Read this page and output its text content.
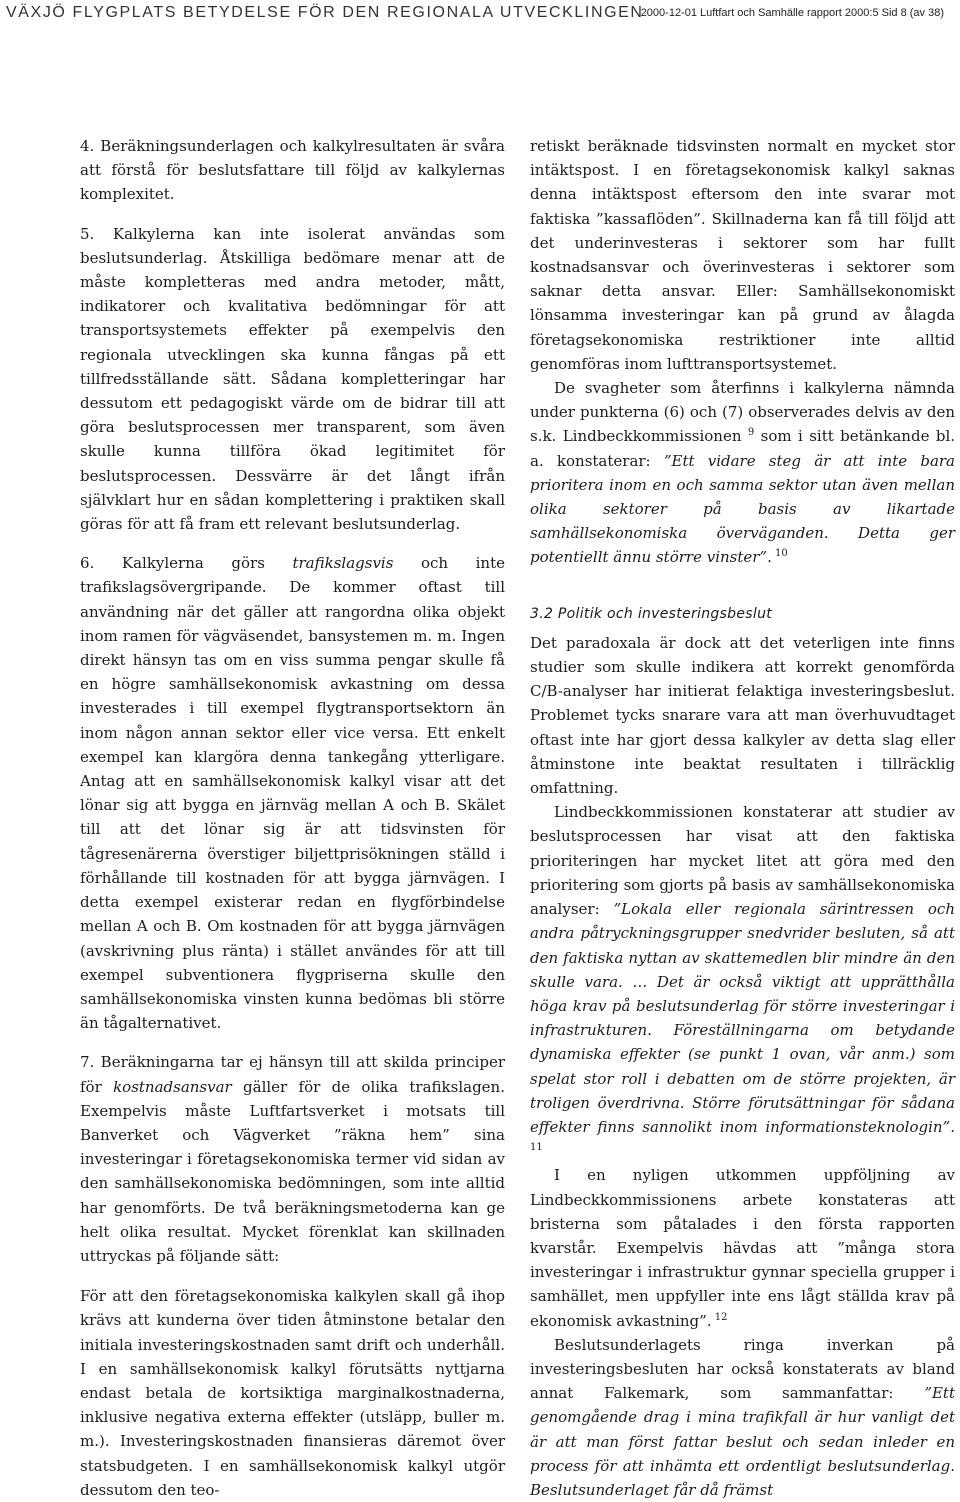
VÄXJÖ FLYGPLATS BETYDELSE FÖR DEN REGIONALA UTVECKLINGEN
2000-12-01 Luftfart och Samhälle rapport 2000:5 Sid 8 (av 38)

4. Beräkningsunderlagen och kalkylresultaten är svåra att förstå för beslutsfattare till följd av kalkylernas komplexitet.

5. Kalkylerna kan inte isolerat användas som beslutsunderlag. Åtskilliga bedömare menar att de måste kompletteras med andra metoder, mått, indikatorer och kvalitativa bedömningar för att transportsystemets effekter på exempelvis den regionala utvecklingen ska kunna fångas på ett tillfredsställande sätt. Sådana kompletteringar har dessutom ett pedagogiskt värde om de bidrar till att göra beslutsprocessen mer transparent, som även skulle kunna tillföra ökad legitimitet för beslutsprocessen. Dessvärre är det långt ifrån självklart hur en sådan komplettering i praktiken skall göras för att få fram ett relevant beslutsunderlag.

6. Kalkylerna görs trafikslagsvis och inte trafikslagsövergripande. De kommer oftast till användning när det gäller att rangordna olika objekt inom ramen för vägväsendet, bansystemen m. m. Ingen direkt hänsyn tas om en viss summa pengar skulle få en högre samhällsekonomisk avkastning om dessa investerades i till exempel flygtransportsektorn än inom någon annan sektor eller vice versa. Ett enkelt exempel kan klargöra denna tankegång ytterligare. Antag att en samhällsekonomisk kalkyl visar att det lönar sig att bygga en järnväg mellan A och B. Skälet till att det lönar sig är att tidsvinsten för tågresenärerna överstiger biljettprisökningen ställd i förhållande till kostnaden för att bygga järnvägen. I detta exempel existerar redan en flygförbindelse mellan A och B. Om kostnaden för att bygga järnvägen (avskrivning plus ränta) i stället användes för att till exempel subventionera flygpriserna skulle den samhällsekonomiska vinsten kunna bedömas bli större än tågalternativet.

7. Beräkningarna tar ej hänsyn till att skilda principer för kostnadsansvar gäller för de olika trafikslagen. Exempelvis måste Luftfartsverket i motsats till Banverket och Vägverket ”räkna hem” sina investeringar i företagsekonomiska termer vid sidan av den samhällsekonomiska bedömningen, som inte alltid har genomförts. De två beräkningsmetoderna kan ge helt olika resultat. Mycket förenklat kan skillnaden uttryckas på följande sätt:

För att den företagsekonomiska kalkylen skall gå ihop krävs att kunderna över tiden åtminstone betalar den initiala investeringskostnaden samt drift och underhåll. I en samhällsekonomisk kalkyl förutsätts nyttjarna endast betala de kortsiktiga marginalkostnaderna, inklusive negativa externa effekter (utsläpp, buller m. m.). Investeringskostnaden finansieras däremot över statsbudgeten. I en samhällsekonomisk kalkyl utgör dessutom den teo-

retiskt beräknade tidsvinsten normalt en mycket stor intäktspost. I en företagsekonomisk kalkyl saknas denna intäktspost eftersom den inte svarar mot faktiska ”kassaflöden”. Skillnaderna kan få till följd att det underinvesteras i sektorer som har fullt kostnadsansvar och överinvesteras i sektorer som saknar detta ansvar. Eller: Samhällsekonomiskt lönsamma investeringar kan på grund av ålagda företagsekonomiska restriktioner inte alltid genomföras inom lufttransportsystemet.

De svagheter som återfinns i kalkylerna nämnda under punkterna (6) och (7) observerades delvis av den s.k. Lindbeckkommissionen $^9$ som i sitt betänkande bl. a. konstaterar: ”Ett vidare steg är att inte bara prioritera inom en och samma sektor utan även mellan olika sektorer på basis av likartade samhällsekonomiska överväganden. Detta ger potentiellt ännu större vinster”. $^{10}$

3.2 Politik och investeringsbeslut

Det paradoxala är dock att det veterligen inte finns studier som skulle indikera att korrekt genomförda C/B-analyser har initierat felaktiga investeringsbeslut. Problemet tycks snarare vara att man överhuvudtaget oftast inte har gjort dessa kalkyler av detta slag eller åtminstone inte beaktat resultaten i tillräcklig omfattning.

Lindbeckkommissionen konstaterar att studier av beslutsprocessen har visat att den faktiska prioriteringen har mycket litet att göra med den prioritering som gjorts på basis av samhällsekonomiska analyser: ”Lokala eller regionala särintressen och andra påtryckningsgrupper snedvrider besluten, så att den faktiska nyttan av skattemedlen blir mindre än den skulle vara. … Det är också viktigt att upprätthålla höga krav på beslutsunderlag för större investeringar i infrastrukturen. Föreställningarna om betydande dynamiska effekter (se punkt 1 ovan, vår anm.) som spelat stor roll i debatten om de större projekten, är troligen överdrivna. Större förutsättningar för sådana effekter finns sannolikt inom informationsteknologin”. $^{11}$

I en nyligen utkommen uppföljning av Lindbeckkommissionens arbete konstateras att bristerna som påtalades i den första rapporten kvarstår. Exempelvis hävdas att ”många stora investeringar i infrastruktur gynnar speciella grupper i samhället, men uppfyller inte ens lågt ställda krav på ekonomisk avkastning”. $^{12}$

Beslutsunderlagets ringa inverkan på investeringsbesluten har också konstaterats av bland annat Falkemark, som sammanfattar: ”Ett genomgående drag i mina trafikfall är hur vanligt det är att man först fattar beslut och sedan inleder en process för att inhämta ett ordentligt beslutsunderlag. Beslutsunderlaget får då främst
